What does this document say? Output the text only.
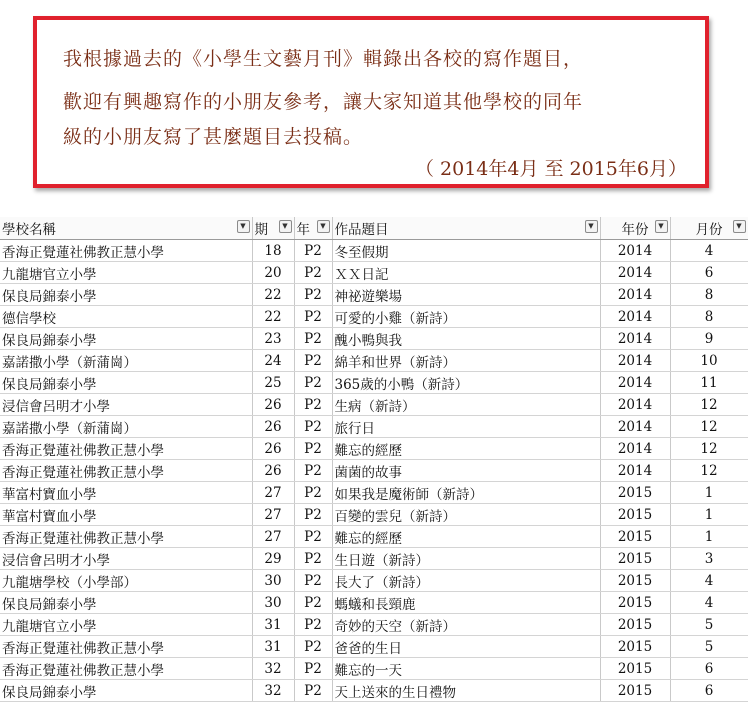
我根據過去的《小學生文藝月刊》輯錄出各校的寫作題目，
歡迎有興趣寫作的小朋友參考，讓大家知道其他學校的同年
級的小朋友寫了甚麼題目去投稿。
（ 2014年4月 至 2015年6月）
學校名稱 ▼	期 ▼	年 ▼	作品題目 ▼	年份 ▼	月份 ▼

香海正覺蓮社佛教正慧小學	18	P2	冬至假期	2014	4
九龍塘官立小學	20	P2	ＸＸ日記	2014	6
保良局錦泰小學	22	P2	神祕遊樂場	2014	8
德信學校	22	P2	可愛的小雞（新詩）	2014	8
保良局錦泰小學	23	P2	醜小鴨與我	2014	9
嘉諾撒小學（新蒲崗）	24	P2	綿羊和世界（新詩）	2014	10
保良局錦泰小學	25	P2	365歲的小鴨（新詩）	2014	11
浸信會呂明才小學	26	P2	生病（新詩）	2014	12
嘉諾撒小學（新蒲崗）	26	P2	旅行日	2014	12
香海正覺蓮社佛教正慧小學	26	P2	難忘的經歷	2014	12
香海正覺蓮社佛教正慧小學	26	P2	菌菌的故事	2014	12
華富村寶血小學	27	P2	如果我是魔術師（新詩）	2015	1
華富村寶血小學	27	P2	百變的雲兒（新詩）	2015	1
香海正覺蓮社佛教正慧小學	27	P2	難忘的經歷	2015	1
浸信會呂明才小學	29	P2	生日遊（新詩）	2015	3
九龍塘學校（小學部）	30	P2	長大了（新詩）	2015	4
保良局錦泰小學	30	P2	螞蟻和長頸鹿	2015	4
九龍塘官立小學	31	P2	奇妙的天空（新詩）	2015	5
香海正覺蓮社佛教正慧小學	31	P2	爸爸的生日	2015	5
香海正覺蓮社佛教正慧小學	32	P2	難忘的一天	2015	6
保良局錦泰小學	32	P2	天上送來的生日禮物	2015	6
